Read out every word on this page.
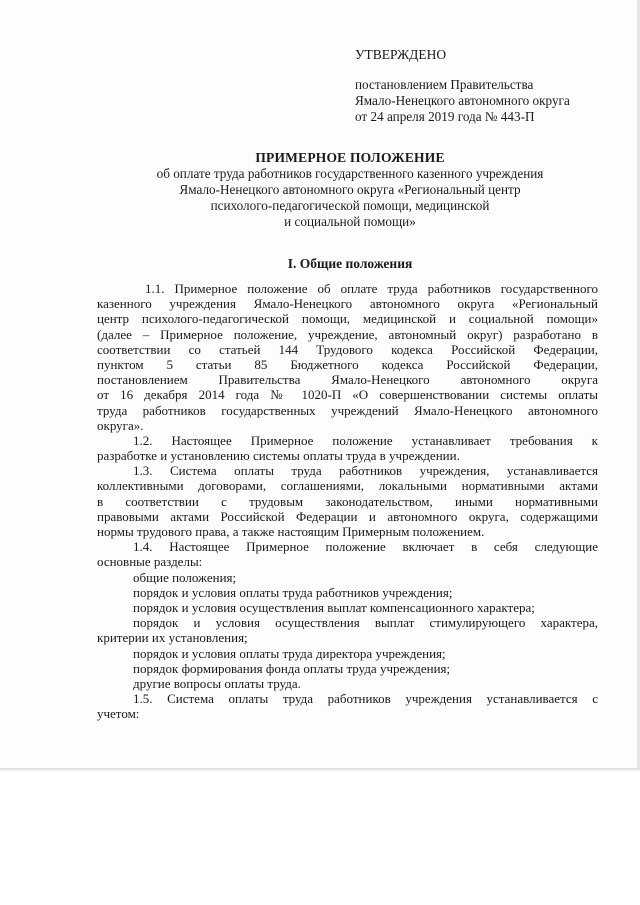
УТВЕРЖДЕНО
постановлением Правительства
Ямало-Ненецкого автономного округа
от 24 апреля 2019 года № 443-П
ПРИМЕРНОЕ ПОЛОЖЕНИЕ
об оплате труда работников государственного казенного учреждения
Ямало-Ненецкого автономного округа «Региональный центр
психолого-педагогической помощи, медицинской
и социальной помощи»
I. Общие положения
1.1. Примерное положение об оплате труда работников государственного
казенного учреждения Ямало-Ненецкого автономного округа «Региональный
центр психолого-педагогической помощи, медицинской и социальной помощи»
(далее – Примерное положение, учреждение, автономный округ) разработано в
соответствии со статьей 144 Трудового кодекса Российской Федерации,
пунктом 5 статьи 85 Бюджетного кодекса Российской Федерации,
постановлением Правительства Ямало-Ненецкого автономного округа
от 16 декабря 2014 года № 1020-П «О совершенствовании системы оплаты
труда работников государственных учреждений Ямало-Ненецкого автономного
округа».
1.2. Настоящее Примерное положение устанавливает требования к
разработке и установлению системы оплаты труда в учреждении.
1.3. Система оплаты труда работников учреждения, устанавливается
коллективными договорами, соглашениями, локальными нормативными актами
в соответствии с трудовым законодательством, иными нормативными
правовыми актами Российской Федерации и автономного округа, содержащими
нормы трудового права, а также настоящим Примерным положением.
1.4. Настоящее Примерное положение включает в себя следующие
основные разделы:
общие положения;
порядок и условия оплаты труда работников учреждения;
порядок и условия осуществления выплат компенсационного характера;
порядок и условия осуществления выплат стимулирующего характера,
критерии их установления;
порядок и условия оплаты труда директора учреждения;
порядок формирования фонда оплаты труда учреждения;
другие вопросы оплаты труда.
1.5. Система оплаты труда работников учреждения устанавливается с
учетом:
